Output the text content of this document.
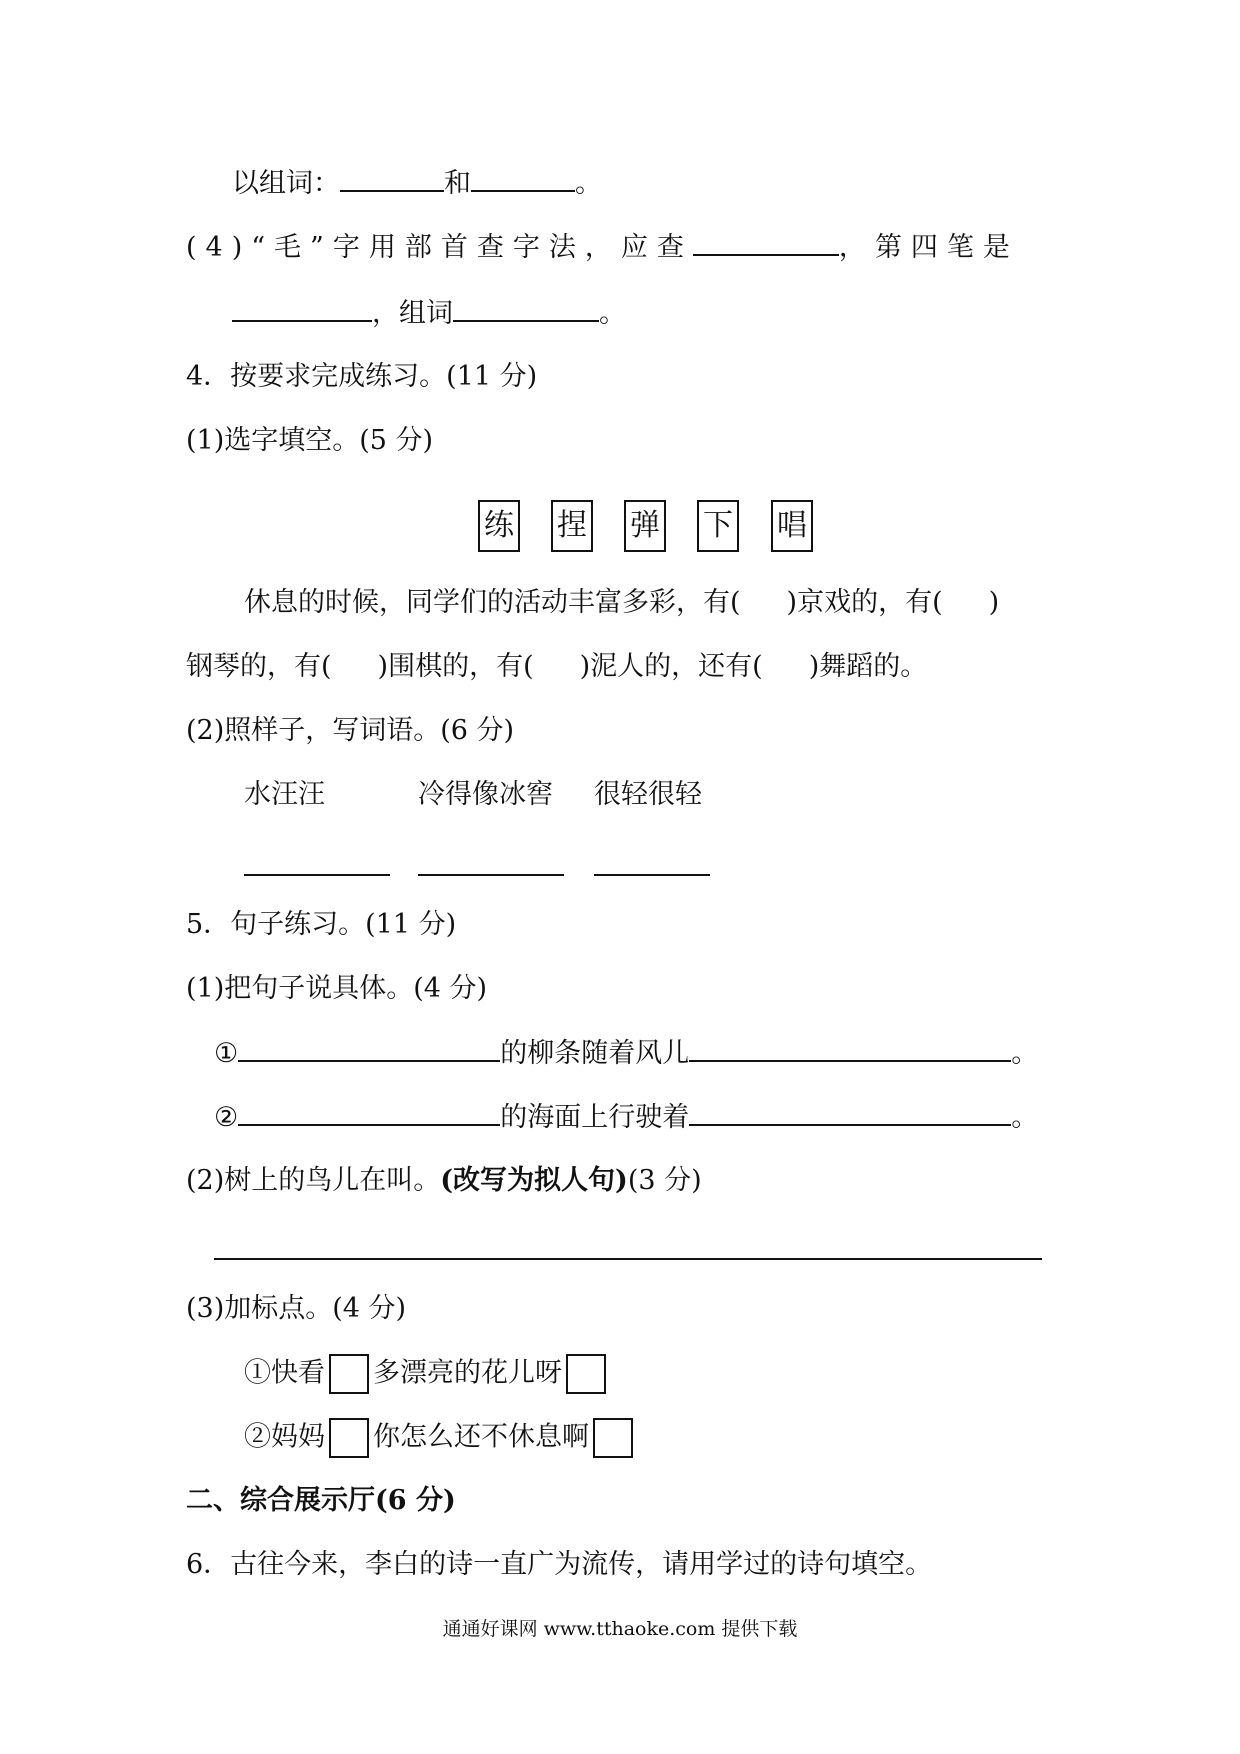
以组词：	和	。
(4)“毛”字用部首查字法，应查	，第四笔是
，组词	。
4．按要求完成练习。(11 分)
(1)选字填空。(5 分)
练 捏 弹 下 唱
休息的时候，同学们的活动丰富多彩，有( )京戏的，有( )
钢琴的，有( )围棋的，有( )泥人的，还有( )舞蹈的。
(2)照样子，写词语。(6 分)
水汪汪	冷得像冰窖 很轻很轻
5．句子练习。(11 分)
(1)把句子说具体。(4 分)
①	的柳条随着风儿	。
②	的海面上行驶着	。
(2)树上的鸟儿在叫。(改写为拟人句)(3 分)
(3)加标点。(4 分)
①快看 多漂亮的花儿呀
②妈妈 你怎么还不休息啊
二、综合展示厅(6 分)
6．古往今来，李白的诗一直广为流传，请用学过的诗句填空。
通通好课网 www.tthaoke.com 提供下载
